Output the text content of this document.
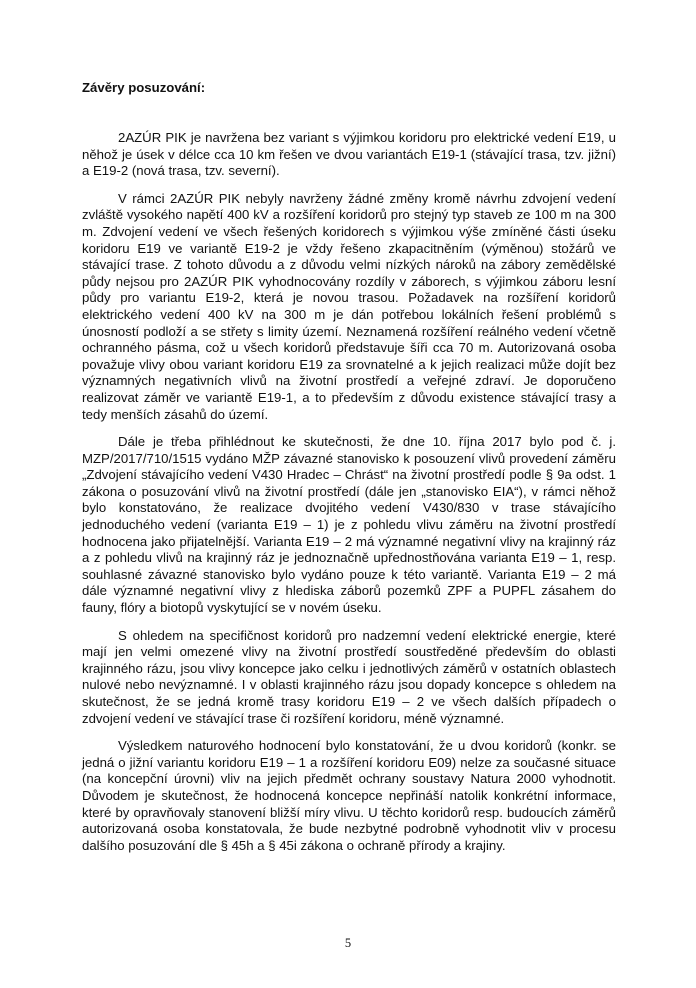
Závěry posuzování:

2AZÚR PIK je navržena bez variant s výjimkou koridoru pro elektrické vedení E19, u něhož je úsek v délce cca 10 km řešen ve dvou variantách E19-1 (stávající trasa, tzv. jižní) a E19-2 (nová trasa, tzv. severní).

V rámci 2AZÚR PIK nebyly navrženy žádné změny kromě návrhu zdvojení vedení zvláště vysokého napětí 400 kV a rozšíření koridorů pro stejný typ staveb ze 100 m na 300 m. Zdvojení vedení ve všech řešených koridorech s výjimkou výše zmíněné části úseku koridoru E19 ve variantě E19-2 je vždy řešeno zkapacitněním (výměnou) stožárů ve stávající trase. Z tohoto důvodu a z důvodu velmi nízkých nároků na zábory zemědělské půdy nejsou pro 2AZÚR PIK vyhodnocovány rozdíly v záborech, s výjimkou záboru lesní půdy pro variantu E19-2, která je novou trasou. Požadavek na rozšíření koridorů elektrického vedení 400 kV na 300 m je dán potřebou lokálních řešení problémů s únosností podloží a se střety s limity území. Neznamená rozšíření reálného vedení včetně ochranného pásma, což u všech koridorů představuje šíři cca 70 m. Autorizovaná osoba považuje vlivy obou variant koridoru E19 za srovnatelné a k jejich realizaci může dojít bez významných negativních vlivů na životní prostředí a veřejné zdraví. Je doporučeno realizovat záměr ve variantě E19-1, a to především z důvodu existence stávající trasy a tedy menších zásahů do území.

Dále je třeba přihlédnout ke skutečnosti, že dne 10. října 2017 bylo pod č. j. MZP/2017/710/1515 vydáno MŽP závazné stanovisko k posouzení vlivů provedení záměru „Zdvojení stávajícího vedení V430 Hradec – Chrást“ na životní prostředí podle § 9a odst. 1 zákona o posuzování vlivů na životní prostředí (dále jen „stanovisko EIA“), v rámci něhož bylo konstatováno, že realizace dvojitého vedení V430/830 v trase stávajícího jednoduchého vedení (varianta E19 – 1) je z pohledu vlivu záměru na životní prostředí hodnocena jako přijatelnější. Varianta E19 – 2 má významné negativní vlivy na krajinný ráz a z pohledu vlivů na krajinný ráz je jednoznačně upřednostňována varianta E19 – 1, resp. souhlasné závazné stanovisko bylo vydáno pouze k této variantě. Varianta E19 – 2 má dále významné negativní vlivy z hlediska záborů pozemků ZPF a PUPFL zásahem do fauny, flóry a biotopů vyskytující se v novém úseku.

S ohledem na specifičnost koridorů pro nadzemní vedení elektrické energie, které mají jen velmi omezené vlivy na životní prostředí soustředěné především do oblasti krajinného rázu, jsou vlivy koncepce jako celku i jednotlivých záměrů v ostatních oblastech nulové nebo nevýznamné. I v oblasti krajinného rázu jsou dopady koncepce s ohledem na skutečnost, že se jedná kromě trasy koridoru E19 – 2 ve všech dalších případech o zdvojení vedení ve stávající trase či rozšíření koridoru, méně významné.

Výsledkem naturového hodnocení bylo konstatování, že u dvou koridorů (konkr. se jedná o jižní variantu koridoru E19 – 1 a rozšíření koridoru E09) nelze za současné situace (na koncepční úrovni) vliv na jejich předmět ochrany soustavy Natura 2000 vyhodnotit. Důvodem je skutečnost, že hodnocená koncepce nepřináší natolik konkrétní informace, které by opravňovaly stanovení bližší míry vlivu. U těchto koridorů resp. budoucích záměrů autorizovaná osoba konstatovala, že bude nezbytné podrobně vyhodnotit vliv v procesu dalšího posuzování dle § 45h a § 45i zákona o ochraně přírody a krajiny.

5
